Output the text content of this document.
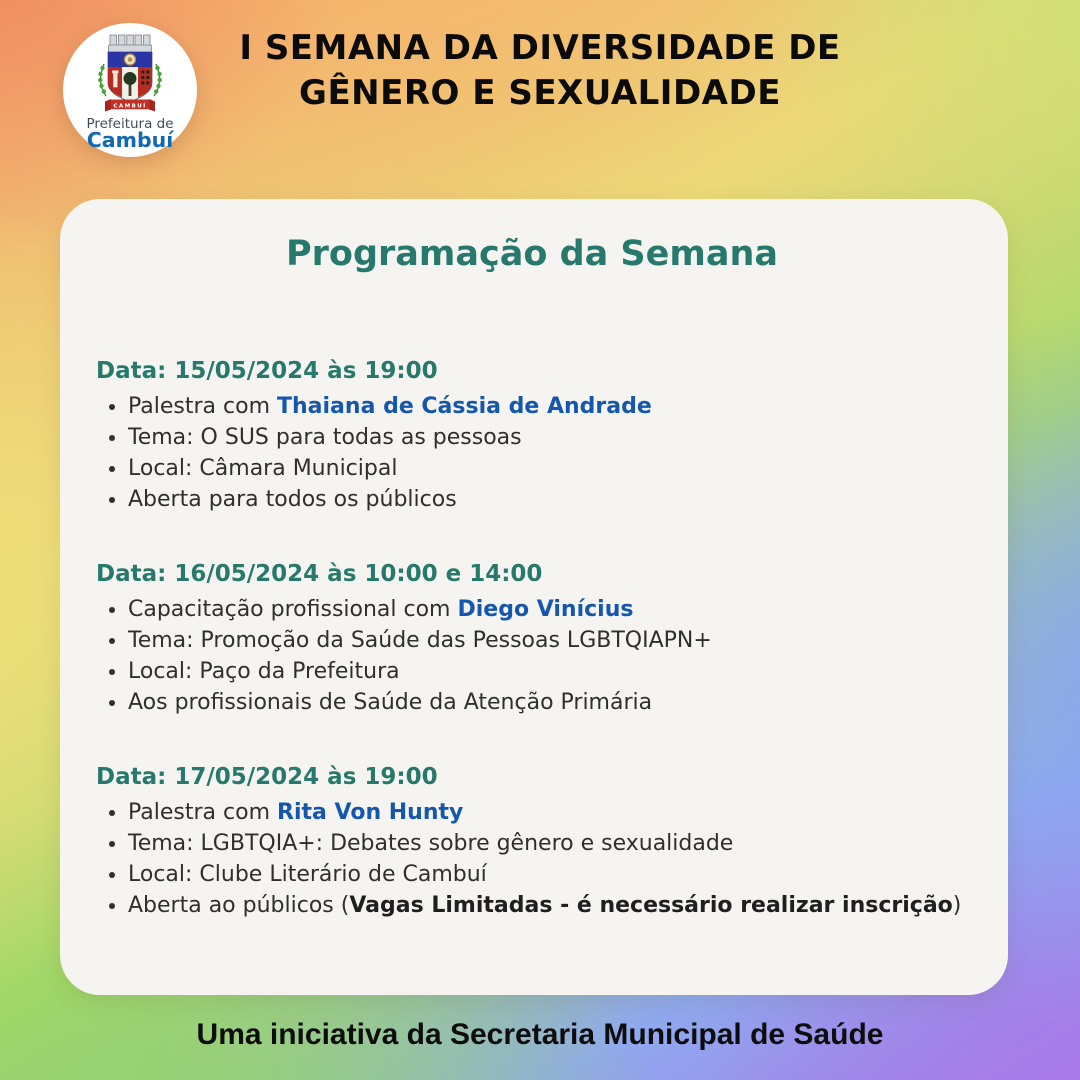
CAMBUÍ
Prefeitura de
Cambuí
I SEMANA DA DIVERSIDADE DE
GÊNERO E SEXUALIDADE
Programação da Semana
Data: 15/05/2024 às 19:00
• Palestra com Thaiana de Cássia de Andrade
• Tema: O SUS para todas as pessoas
• Local: Câmara Municipal
• Aberta para todos os públicos
Data: 16/05/2024 às 10:00 e 14:00
• Capacitação profissional com Diego Vinícius
• Tema: Promoção da Saúde das Pessoas LGBTQIAPN+
• Local: Paço da Prefeitura
• Aos profissionais de Saúde da Atenção Primária
Data: 17/05/2024 às 19:00
• Palestra com Rita Von Hunty
• Tema: LGBTQIA+: Debates sobre gênero e sexualidade
• Local: Clube Literário de Cambuí
• Aberta ao públicos (Vagas Limitadas - é necessário realizar inscrição)
Uma iniciativa da Secretaria Municipal de Saúde
